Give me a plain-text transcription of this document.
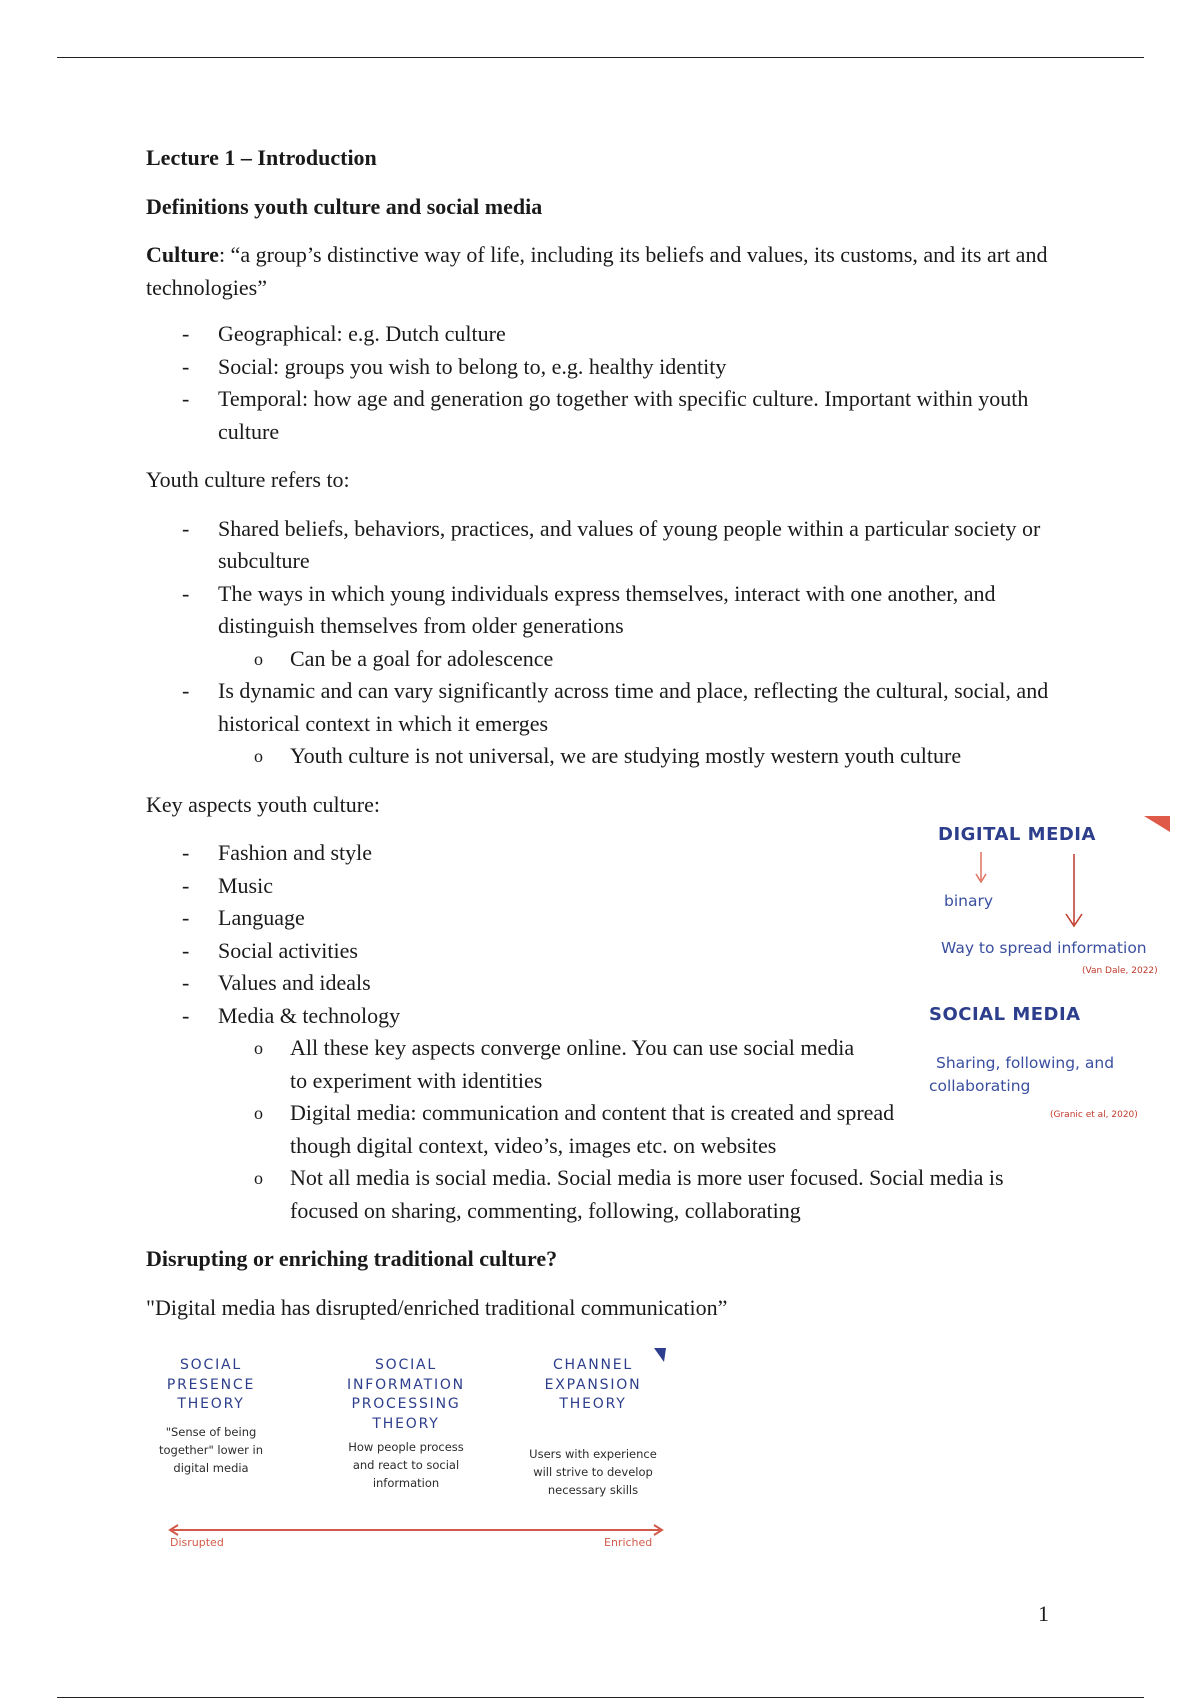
Lecture 1 – Introduction

Definitions youth culture and social media

Culture: “a group’s distinctive way of life, including its beliefs and values, its customs, and its art and technologies”

- Geographical: e.g. Dutch culture
- Social: groups you wish to belong to, e.g. healthy identity
- Temporal: how age and generation go together with specific culture. Important within youth culture

Youth culture refers to:

- Shared beliefs, behaviors, practices, and values of young people within a particular society or subculture
- The ways in which young individuals express themselves, interact with one another, and distinguish themselves from older generations
o Can be a goal for adolescence
- Is dynamic and can vary significantly across time and place, reflecting the cultural, social, and historical context in which it emerges
o Youth culture is not universal, we are studying mostly western youth culture

Key aspects youth culture:

- Fashion and style
- Music
- Language
- Social activities
- Values and ideals
- Media & technology
o All these key aspects converge online. You can use social media to experiment with identities
o Digital media: communication and content that is created and spread though digital context, video’s, images etc. on websites
o Not all media is social media. Social media is more user focused. Social media is focused on sharing, commenting, following, collaborating

Disrupting or enriching traditional culture?

"Digital media has disrupted/enriched traditional communication”

DIGITAL MEDIA
binary
Way to spread information
(Van Dale, 2022)
SOCIAL MEDIA
Sharing, following, and
collaborating
(Granic et al, 2020)
SOCIAL
PRESENCE
THEORY
"Sense of being
together" lower in
digital media
SOCIAL
INFORMATION
PROCESSING
THEORY
How people process
and react to social
information
CHANNEL
EXPANSION
THEORY
Users with experience
will strive to develop
necessary skills
Disrupted	Enriched
1
